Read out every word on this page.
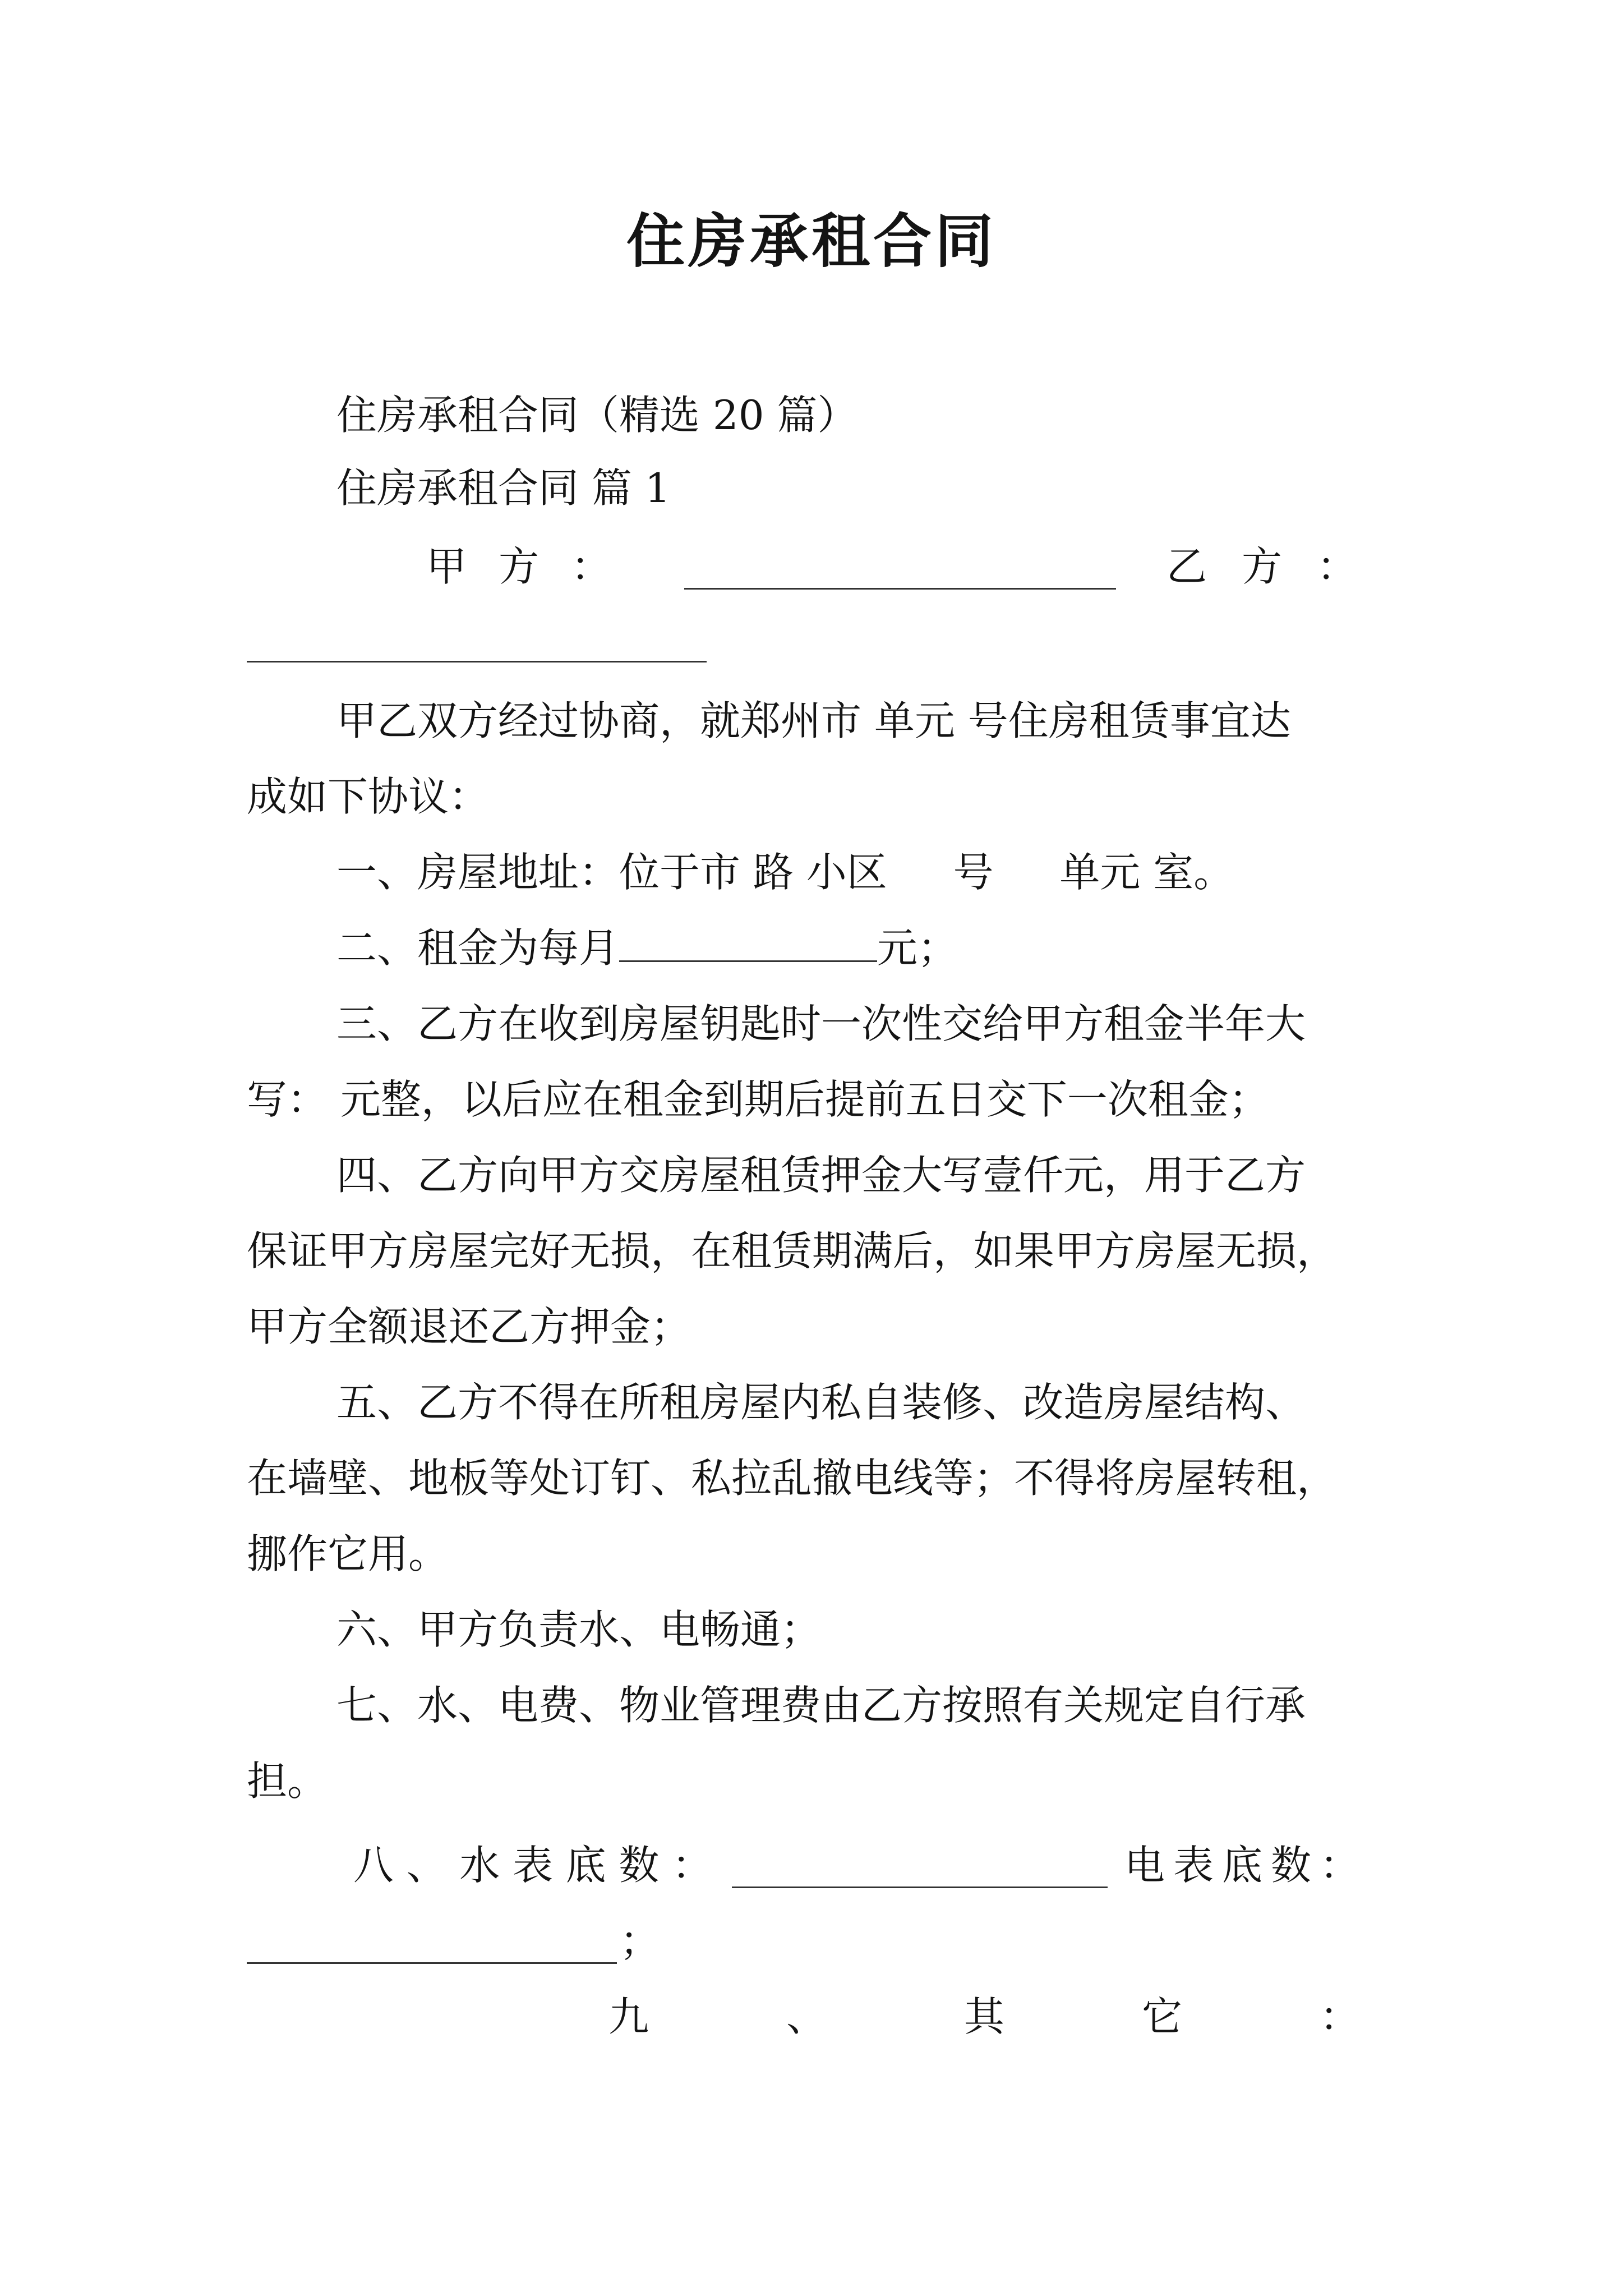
住房承租合同
住房承租合同（精选 20 篇）
住房承租合同 篇 1
甲 方 ：	乙 方 ：
甲乙双方经过协商，就郑州市 单元 号住房租赁事宜达
成如下协议：
一、房屋地址：位于市 路 小区 　 号 　 单元 室。
二、租金为每月	元；
三、乙方在收到房屋钥匙时一次性交给甲方租金半年大
写： 元整，以后应在租金到期后提前五日交下一次租金；
四、乙方向甲方交房屋租赁押金大写壹仟元，用于乙方
保证甲方房屋完好无损，在租赁期满后，如果甲方房屋无损，
甲方全额退还乙方押金；
五、乙方不得在所租房屋内私自装修、改造房屋结构、
在墙壁、地板等处订钉、私拉乱撤电线等；不得将房屋转租，
挪作它用。
六、甲方负责水、电畅通；
七、水、电费、物业管理费由乙方按照有关规定自行承
担。
八 、 水 表 底 数 ：	电 表 底 数 ：
；
九	、	其	它	：
